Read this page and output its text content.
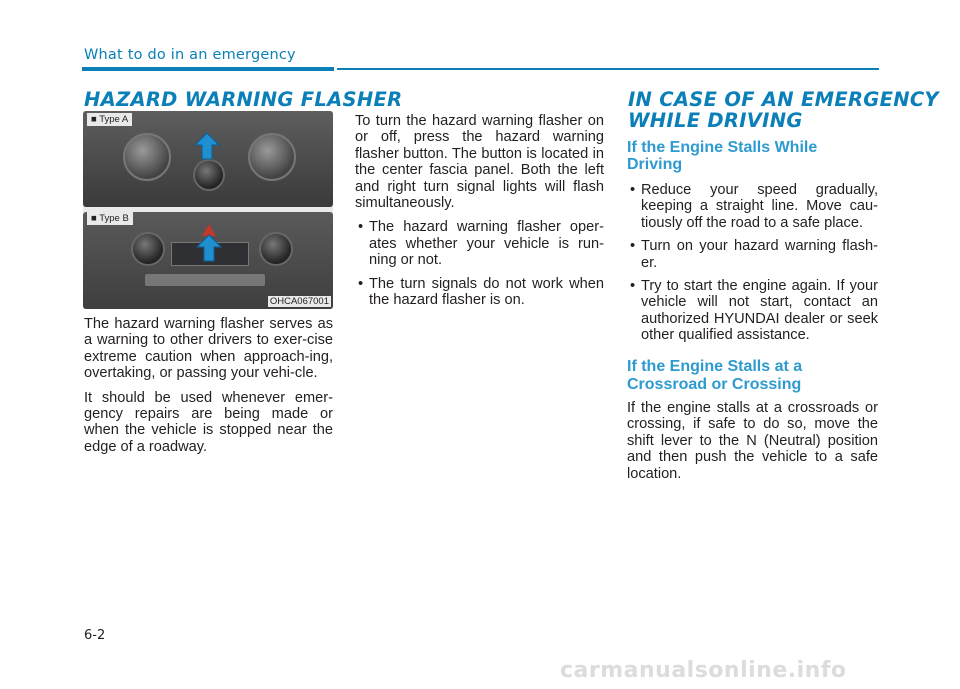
What to do in an emergency
HAZARD WARNING FLASHER
■ Type A
■ Type B
OHCA067001

The hazard warning flasher serves as a warning to other drivers to exer-cise extreme caution when approach-ing, overtaking, or passing your vehi-cle.

It should be used whenever emer-gency repairs are being made or when the vehicle is stopped near the edge of a roadway.

To turn the hazard warning flasher on or off, press the hazard warning flasher button. The button is located in the center fascia panel. Both the left and right turn signal lights will flash simultaneously.

• The hazard warning flasher oper-ates whether your vehicle is run-ning or not.
• The turn signals do not work when the hazard flasher is on.
IN CASE OF AN EMERGENCY
WHILE DRIVING
If the Engine Stalls While
Driving
• Reduce your speed gradually, keeping a straight line. Move cau-tiously off the road to a safe place.
• Turn on your hazard warning flash-er.
• Try to start the engine again. If your vehicle will not start, contact an authorized HYUNDAI dealer or seek other qualified assistance.
If the Engine Stalls at a
Crossroad or Crossing

If the engine stalls at a crossroads or crossing, if safe to do so, move the shift lever to the N (Neutral) position and then push the vehicle to a safe location.

6-2
carmanualsonline.info
